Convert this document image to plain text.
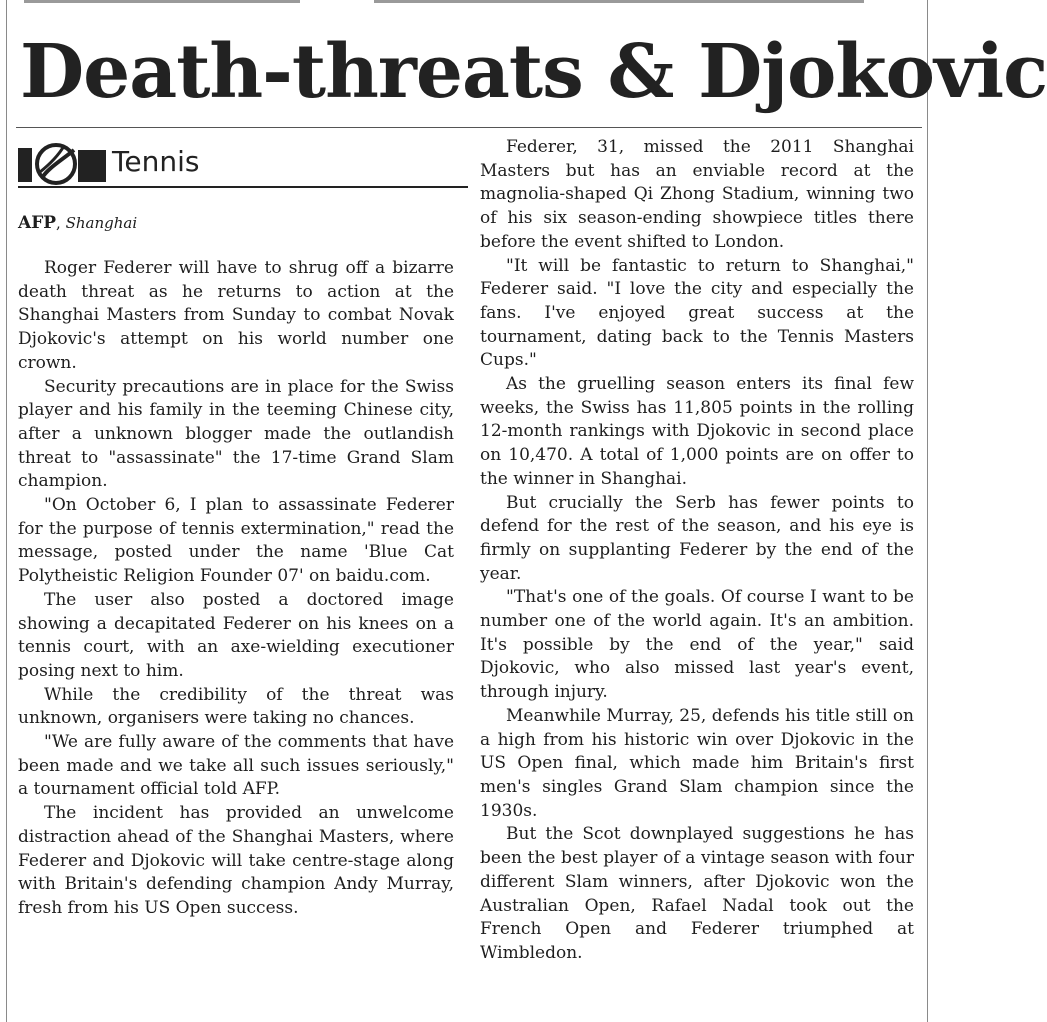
Death-threats & Djokovic
Tennis
AFP, Shanghai

Roger Federer will have to shrug off a bizarre death threat as he returns to action at the Shanghai Masters from Sunday to combat Novak Djokovic's attempt on his world number one crown.

Security precautions are in place for the Swiss player and his family in the teeming Chinese city, after a unknown blogger made the outlandish threat to "assassinate" the 17-time Grand Slam champion.

"On October 6, I plan to assassinate Federer for the purpose of tennis extermination," read the message, posted under the name 'Blue Cat Polytheistic Religion Founder 07' on baidu.com.

The user also posted a doctored image showing a decapitated Federer on his knees on a tennis court, with an axe-wielding executioner posing next to him.

While the credibility of the threat was unknown, organisers were taking no chances.

"We are fully aware of the comments that have been made and we take all such issues seriously," a tournament official told AFP.

The incident has provided an unwelcome distraction ahead of the Shanghai Masters, where Federer and Djokovic will take centre-stage along with Britain's defending champion Andy Murray, fresh from his US Open success.

Federer, 31, missed the 2011 Shanghai Masters but has an enviable record at the magnolia-shaped Qi Zhong Stadium, winning two of his six season-ending showpiece titles there before the event shifted to London.

"It will be fantastic to return to Shanghai," Federer said. "I love the city and especially the fans. I've enjoyed great success at the tournament, dating back to the Tennis Masters Cups."

As the gruelling season enters its final few weeks, the Swiss has 11,805 points in the rolling 12-month rankings with Djokovic in second place on 10,470. A total of 1,000 points are on offer to the winner in Shanghai.

But crucially the Serb has fewer points to defend for the rest of the season, and his eye is firmly on supplanting Federer by the end of the year.

"That's one of the goals. Of course I want to be number one of the world again. It's an ambition. It's possible by the end of the year," said Djokovic, who also missed last year's event, through injury.

Meanwhile Murray, 25, defends his title still on a high from his historic win over Djokovic in the US Open final, which made him Britain's first men's singles Grand Slam champion since the 1930s.

But the Scot downplayed suggestions he has been the best player of a vintage season with four different Slam winners, after Djokovic won the Australian Open, Rafael Nadal took out the French Open and Federer triumphed at Wimbledon.
